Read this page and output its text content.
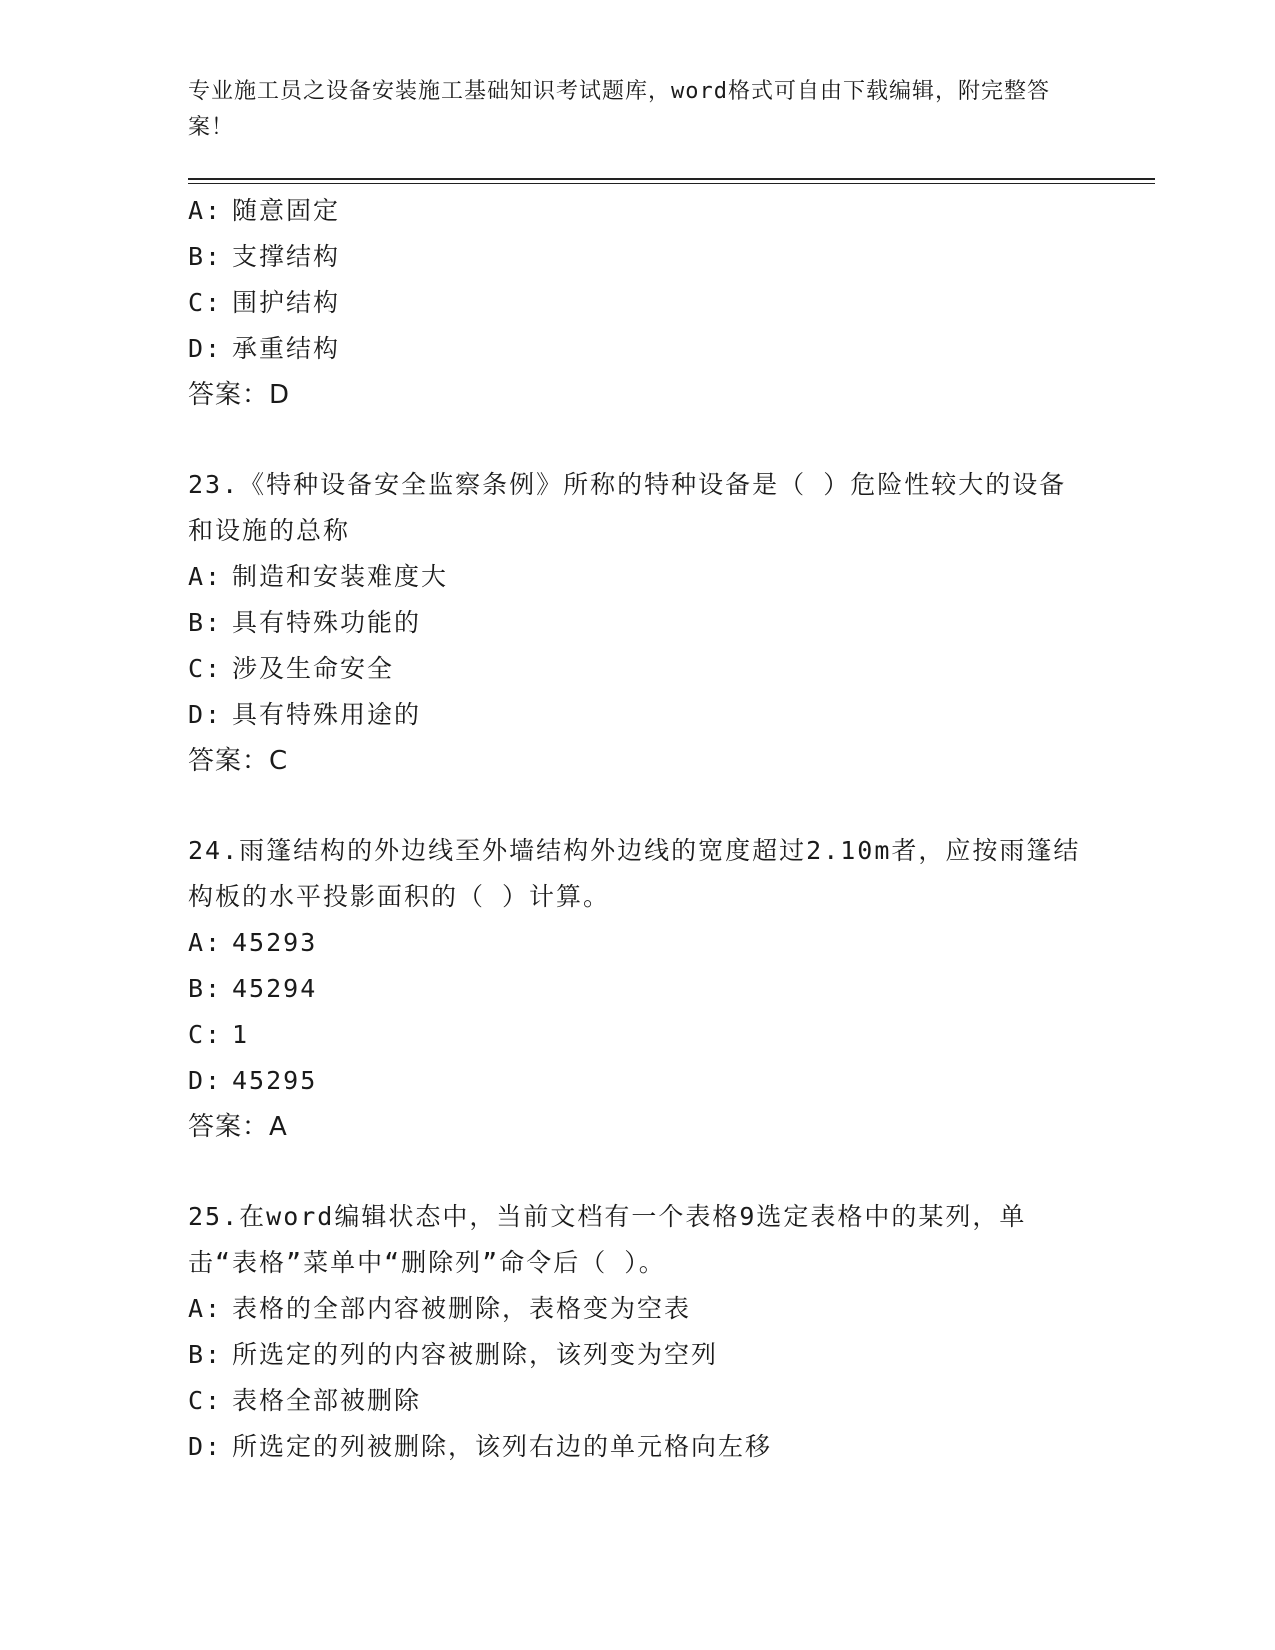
专业施工员之设备安装施工基础知识考试题库，word格式可自由下载编辑，附完整答案！
A: 随意固定
B: 支撑结构
C: 围护结构
D: 承重结构
答案：D
23.《特种设备安全监察条例》所称的特种设备是（ ）危险性较大的设备和设施的总称
A: 制造和安装难度大
B: 具有特殊功能的
C: 涉及生命安全
D: 具有特殊用途的
答案：C
24.雨篷结构的外边线至外墙结构外边线的宽度超过2.10m者，应按雨篷结构板的水平投影面积的（ ）计算。
A: 45293
B: 45294
C: 1
D: 45295
答案：A
25.在word编辑状态中，当前文档有一个表格9选定表格中的某列，单击“表格”菜单中“删除列”命令后（ ）。
A: 表格的全部内容被删除，表格变为空表
B: 所选定的列的内容被删除，该列变为空列
C: 表格全部被删除
D: 所选定的列被删除，该列右边的单元格向左移
